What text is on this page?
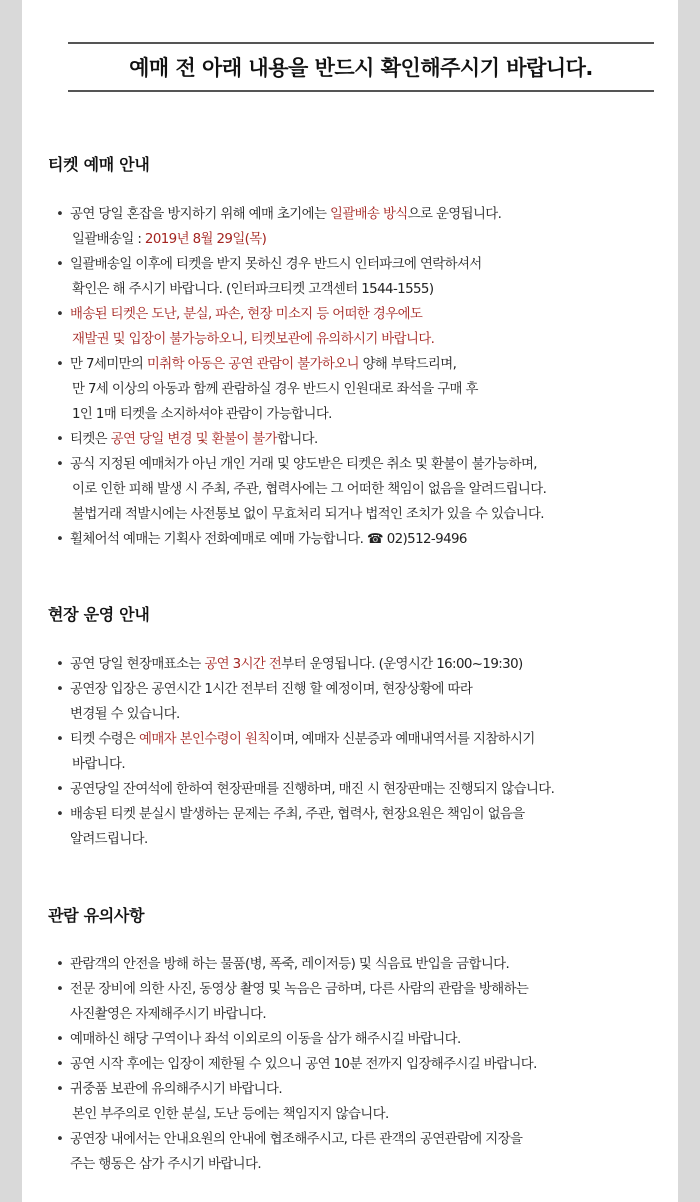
예매 전 아래 내용을 반드시 확인해주시기 바랍니다.
티켓 예매 안내
• 공연 당일 혼잡을 방지하기 위해 예매 초기에는 일괄배송 방식으로 운영됩니다.
일괄배송일 : 2019년 8월 29일(목)
• 일괄배송일 이후에 티켓을 받지 못하신 경우 반드시 인터파크에 연락하셔서
확인은 해 주시기 바랍니다. (인터파크티켓 고객센터 1544-1555)
• 배송된 티켓은 도난, 분실, 파손, 현장 미소지 등 어떠한 경우에도
재발권 및 입장이 불가능하오니, 티켓보관에 유의하시기 바랍니다.
• 만 7세미만의 미취학 아동은 공연 관람이 불가하오니 양해 부탁드리며,
만 7세 이상의 아동과 함께 관람하실 경우 반드시 인원대로 좌석을 구매 후
1인 1매 티켓을 소지하셔야 관람이 가능합니다.
• 티켓은 공연 당일 변경 및 환불이 불가합니다.
• 공식 지정된 예매처가 아닌 개인 거래 및 양도받은 티켓은 취소 및 환불이 불가능하며,
이로 인한 피해 발생 시 주최, 주관, 협력사에는 그 어떠한 책임이 없음을 알려드립니다.
불법거래 적발시에는 사전통보 없이 무효처리 되거나 법적인 조치가 있을 수 있습니다.
• 휠체어석 예매는 기획사 전화예매로 예매 가능합니다. ☎ 02)512-9496
현장 운영 안내
• 공연 당일 현장매표소는 공연 3시간 전부터 운영됩니다. (운영시간 16:00~19:30)
• 공연장 입장은 공연시간 1시간 전부터 진행 할 예정이며, 현장상황에 따라
변경될 수 있습니다.
• 티켓 수령은 예매자 본인수령이 원칙이며, 예매자 신분증과 예매내역서를 지참하시기
바랍니다.
• 공연당일 잔여석에 한하여 현장판매를 진행하며, 매진 시 현장판매는 진행되지 않습니다.
• 배송된 티켓 분실시 발생하는 문제는 주최, 주관, 협력사, 현장요원은 책임이 없음을
알려드립니다.
관람 유의사항
• 관람객의 안전을 방해 하는 물품(병, 폭죽, 레이저등) 및 식음료 반입을 금합니다.
• 전문 장비에 의한 사진, 동영상 촬영 및 녹음은 금하며, 다른 사람의 관람을 방해하는
사진촬영은 자제해주시기 바랍니다.
• 예매하신 해당 구역이나 좌석 이외로의 이동을 삼가 해주시길 바랍니다.
• 공연 시작 후에는 입장이 제한될 수 있으니 공연 10분 전까지 입장해주시길 바랍니다.
• 귀중품 보관에 유의해주시기 바랍니다.
본인 부주의로 인한 분실, 도난 등에는 책임지지 않습니다.
• 공연장 내에서는 안내요원의 안내에 협조해주시고, 다른 관객의 공연관람에 지장을
주는 행동은 삼가 주시기 바랍니다.
